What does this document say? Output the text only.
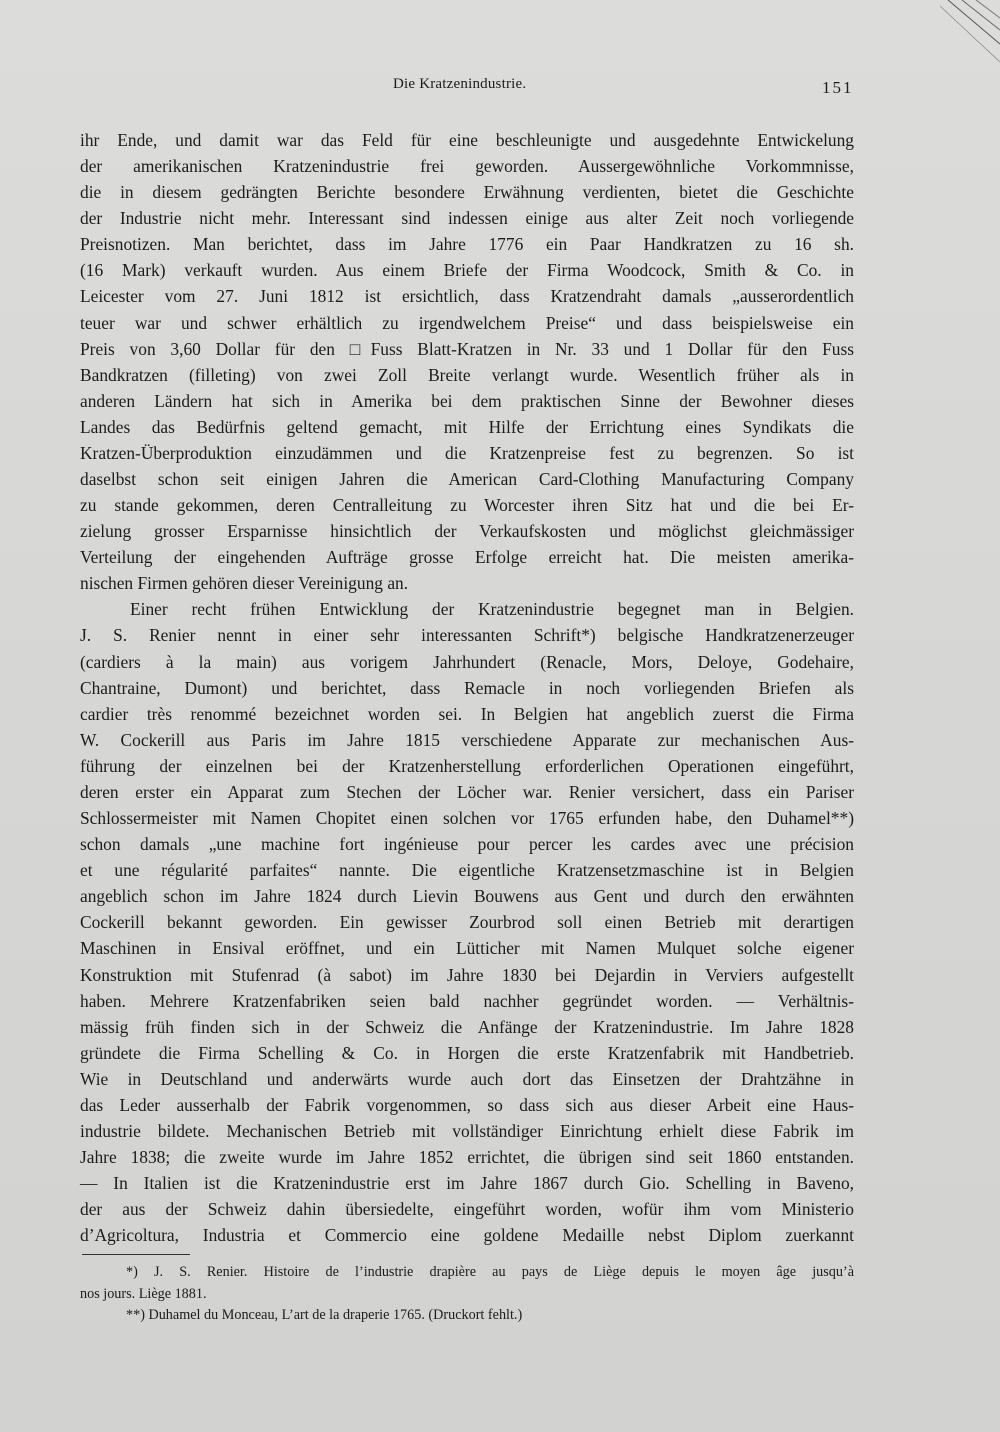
Die Kratzenindustrie.	151
ihr Ende, und damit war das Feld für eine beschleunigte und ausgedehnte Entwickelung
der amerikanischen Kratzenindustrie frei geworden. Aussergewöhnliche Vorkommnisse,
die in diesem gedrängten Berichte besondere Erwähnung verdienten, bietet die Geschichte
der Industrie nicht mehr. Interessant sind indessen einige aus alter Zeit noch vorliegende
Preisnotizen. Man berichtet, dass im Jahre 1776 ein Paar Handkratzen zu 16 sh.
(16 Mark) verkauft wurden. Aus einem Briefe der Firma Woodcock, Smith & Co. in
Leicester vom 27. Juni 1812 ist ersichtlich, dass Kratzendraht damals „ausserordentlich
teuer war und schwer erhältlich zu irgendwelchem Preise“ und dass beispielsweise ein
Preis von 3,60 Dollar für den □Fuss Blatt-Kratzen in Nr. 33 und 1 Dollar für den Fuss
Bandkratzen (filleting) von zwei Zoll Breite verlangt wurde. Wesentlich früher als in
anderen Ländern hat sich in Amerika bei dem praktischen Sinne der Bewohner dieses
Landes das Bedürfnis geltend gemacht, mit Hilfe der Errichtung eines Syndikats die
Kratzen-Überproduktion einzudämmen und die Kratzenpreise fest zu begrenzen. So ist
daselbst schon seit einigen Jahren die American Card-Clothing Manufacturing Company
zu stande gekommen, deren Centralleitung zu Worcester ihren Sitz hat und die bei Er-
zielung grosser Ersparnisse hinsichtlich der Verkaufskosten und möglichst gleichmässiger
Verteilung der eingehenden Aufträge grosse Erfolge erreicht hat. Die meisten amerika-
nischen Firmen gehören dieser Vereinigung an.
Einer recht frühen Entwicklung der Kratzenindustrie begegnet man in Belgien.
J. S. Renier nennt in einer sehr interessanten Schrift*) belgische Handkratzenerzeuger
(cardiers à la main) aus vorigem Jahrhundert (Renacle, Mors, Deloye, Godehaire,
Chantraine, Dumont) und berichtet, dass Remacle in noch vorliegenden Briefen als
cardier très renommé bezeichnet worden sei. In Belgien hat angeblich zuerst die Firma
W. Cockerill aus Paris im Jahre 1815 verschiedene Apparate zur mechanischen Aus-
führung der einzelnen bei der Kratzenherstellung erforderlichen Operationen eingeführt,
deren erster ein Apparat zum Stechen der Löcher war. Renier versichert, dass ein Pariser
Schlossermeister mit Namen Chopitet einen solchen vor 1765 erfunden habe, den Duhamel**)
schon damals „une machine fort ingénieuse pour percer les cardes avec une précision
et une régularité parfaites“ nannte. Die eigentliche Kratzensetzmaschine ist in Belgien
angeblich schon im Jahre 1824 durch Lievin Bouwens aus Gent und durch den erwähnten
Cockerill bekannt geworden. Ein gewisser Zourbrod soll einen Betrieb mit derartigen
Maschinen in Ensival eröffnet, und ein Lütticher mit Namen Mulquet solche eigener
Konstruktion mit Stufenrad (à sabot) im Jahre 1830 bei Dejardin in Verviers aufgestellt
haben. Mehrere Kratzenfabriken seien bald nachher gegründet worden. — Verhältnis-
mässig früh finden sich in der Schweiz die Anfänge der Kratzenindustrie. Im Jahre 1828
gründete die Firma Schelling & Co. in Horgen die erste Kratzenfabrik mit Handbetrieb.
Wie in Deutschland und anderwärts wurde auch dort das Einsetzen der Drahtzähne in
das Leder ausserhalb der Fabrik vorgenommen, so dass sich aus dieser Arbeit eine Haus-
industrie bildete. Mechanischen Betrieb mit vollständiger Einrichtung erhielt diese Fabrik im
Jahre 1838; die zweite wurde im Jahre 1852 errichtet, die übrigen sind seit 1860 entstanden.
— In Italien ist die Kratzenindustrie erst im Jahre 1867 durch Gio. Schelling in Baveno,
der aus der Schweiz dahin übersiedelte, eingeführt worden, wofür ihm vom Ministerio
d’Agricoltura, Industria et Commercio eine goldene Medaille nebst Diplom zuerkannt
*) J. S. Renier. Histoire de l’industrie drapière au pays de Liège depuis le moyen âge jusqu’à
nos jours. Liège 1881.
**) Duhamel du Monceau, L’art de la draperie 1765. (Druckort fehlt.)
